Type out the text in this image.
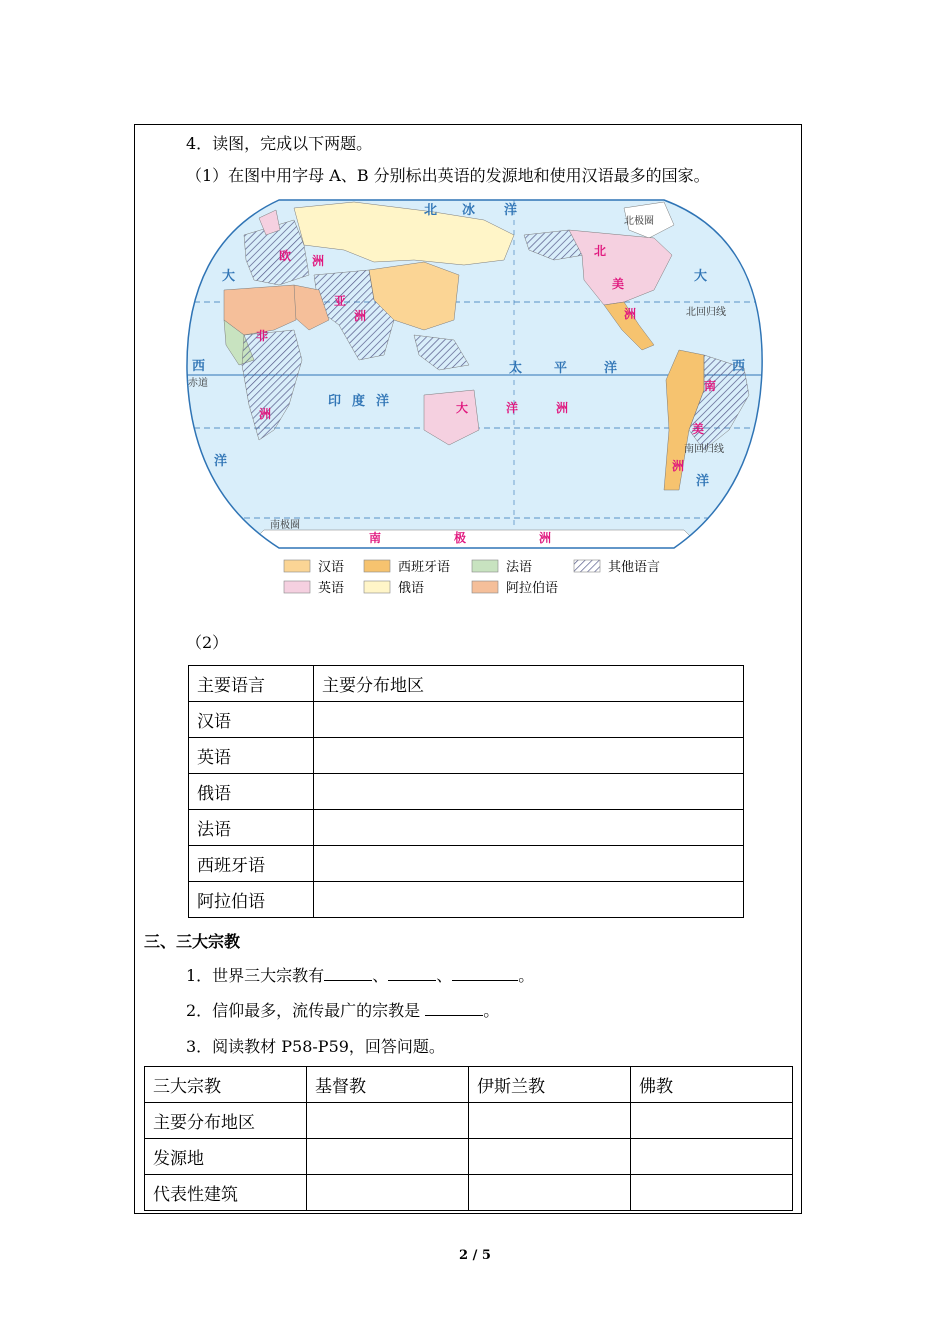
4．读图，完成以下两题。
（1）在图中用字母 A、B 分别标出英语的发源地和使用汉语最多的国家。
北 冰 洋
印 度 洋
太 平	洋
大
西
洋
大
西
洋
欧 洲
亚
洲
非
洲
北
美
洲
南
美
洲
大	洋	洲
南	极	洲
赤道
北回归线
南回归线
北极圈
南极圈
汉语	西班牙语	法语	其他语言
英语	俄语	阿拉伯语
（2）
主要语言	主要分布地区
汉语	
英语	
俄语	
法语	
西班牙语	
阿拉伯语	
三、三大宗教
1．世界三大宗教有	、	、	。
2．信仰最多，流传最广的宗教是	。
3．阅读教材 P58-P59，回答问题。
三大宗教	基督教	伊斯兰教	佛教
主要分布地区			
发源地			
代表性建筑			
2 / 5
